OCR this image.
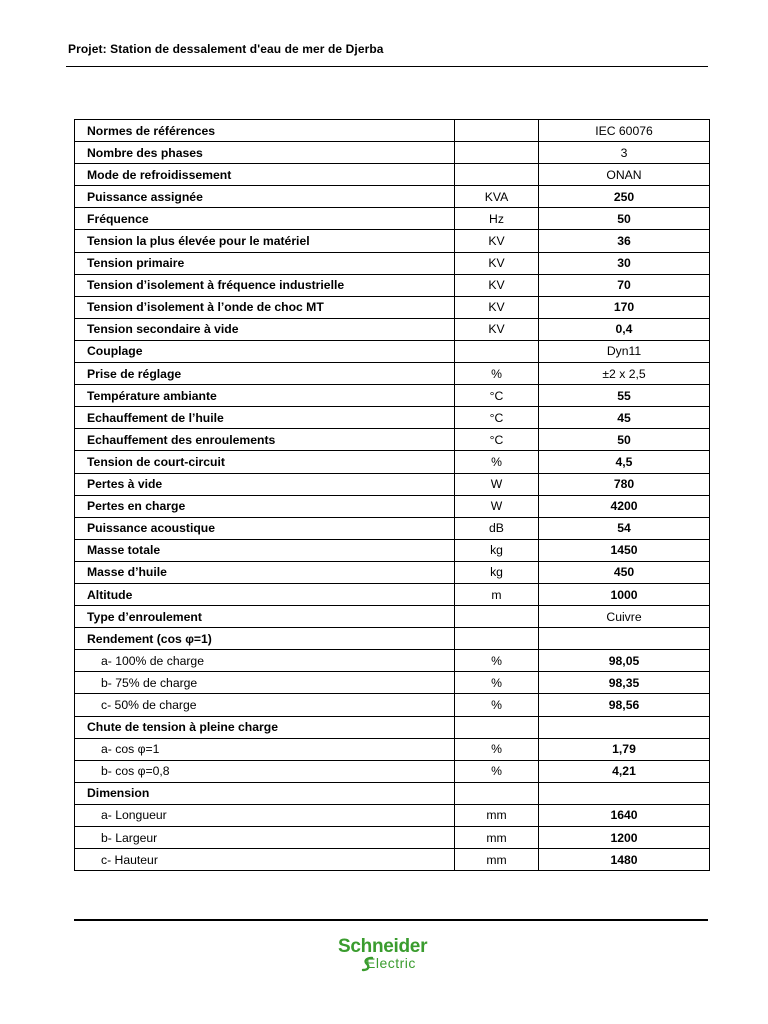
Projet: Station de dessalement d'eau de mer de Djerba
Normes de références		IEC 60076
Nombre des phases		3
Mode de refroidissement		ONAN
Puissance assignée	KVA	250
Fréquence	Hz	50
Tension la plus élevée pour le matériel	KV	36
Tension primaire	KV	30
Tension d’isolement à fréquence industrielle	KV	70
Tension d’isolement à l’onde de choc MT	KV	170
Tension secondaire à vide	KV	0,4
Couplage		Dyn11
Prise de réglage	%	±2 x 2,5
Température ambiante	°C	55
Echauffement de l’huile	°C	45
Echauffement des enroulements	°C	50
Tension de court-circuit	%	4,5
Pertes à vide	W	780
Pertes en charge	W	4200
Puissance acoustique	dB	54
Masse totale	kg	1450
Masse d’huile	kg	450
Altitude	m	1000
Type d’enroulement		Cuivre
Rendement (cos φ=1)		
a- 100% de charge	%	98,05
b- 75% de charge	%	98,35
c- 50% de charge	%	98,56
Chute de tension à pleine charge		
a- cos φ=1	%	1,79
b- cos φ=0,8	%	4,21
Dimension		
a- Longueur	mm	1640
b- Largeur	mm	1200
c- Hauteur	mm	1480
Schneider
Electric
